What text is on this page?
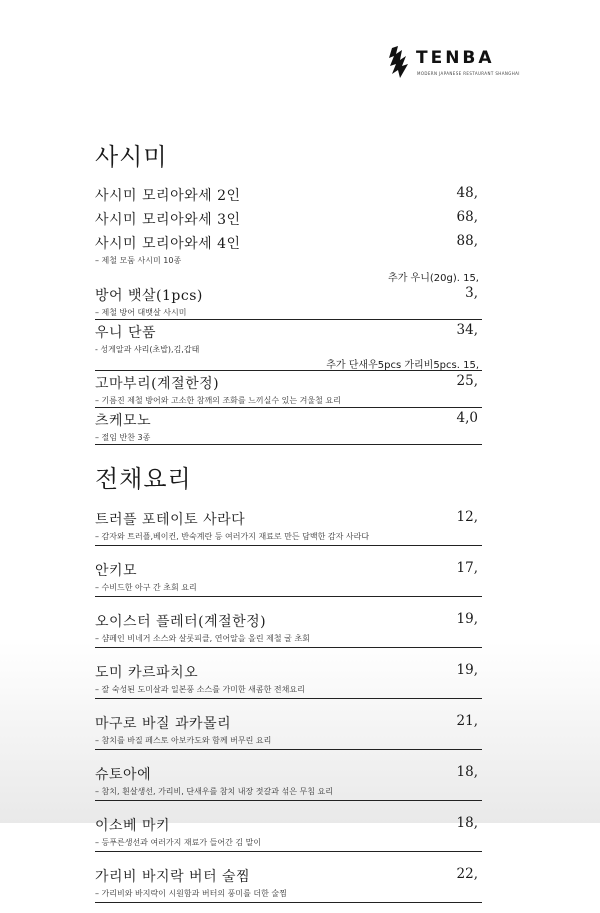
TENBA
MODERN JAPANESE RESTAURANT SHANGHAI
사시미
사시미 모리아와세 2인	48,
사시미 모리아와세 3인	68,
사시미 모리아와세 4인	88,
– 제철 모둠 사시미 10종
추가 우니(20g). 15,
방어 뱃살(1pcs)	3,
– 제철 방어 대뱃살 사시미
우니 단품	34,
- 성게알과 샤리(초밥),김,갑태
추가 단새우5pcs 가리비5pcs. 15,
고마부리(계절한정)	25,
– 기름진 제철 방어와 고소한 참깨의 조화를 느끼실수 있는 겨울철 요리
츠케모노	4,0
– 절임 반찬 3종
전채요리
트러플 포테이토 사라다	12,
– 감자와 트러플,베이컨, 반숙계란 등 여러가지 재료로 만든 담백한 감자 사라다
안키모	17,
– 수비드한 아구 간 초회 요리
오이스터 플레터(계절한정)	19,
– 샴페인 비네거 소스와 살롯피클, 연어알을 올린 제철 굴 초회
도미 카르파치오	19,
– 잘 숙성된 도미살과 일본풍 소스를 가미한 새콤한 전채요리
마구로 바질 과카몰리	21,
– 참치를 바질 페스토 아보카도와 함께 버무린 요리
슈토아에	18,
– 참치, 흰살생선, 가리비, 단새우를 참치 내장 젓갈과 섞은 무침 요리
이소베 마키	18,
– 등푸른생선과 여러가지 재료가 들어간 김 말이
가리비 바지락 버터 술찜	22,
– 가리비와 바지락이 시원함과 버터의 풍미를 더한 술찜
